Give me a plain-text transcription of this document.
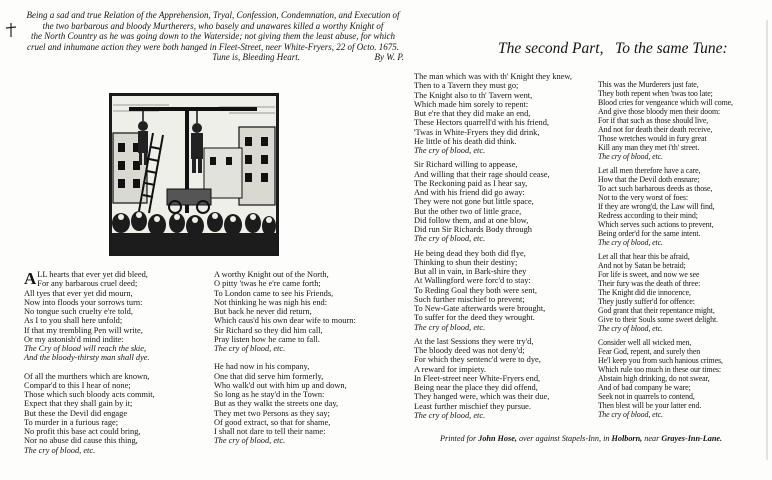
Being a sad and true Relation of the Apprehension, Tryal, Confession, Condemnation, and Execution of
the two barbarous and bloody Murtherers, who basely and unawares killed a worthy Knight of
the North Country as he was going down to the Waterside; not giving them the least abuse, for which
cruel and inhumane action they were both hanged in Fleet-Street, neer White-Fryers, 22 of Octo. 1675.
Tune is, Bleeding Heart.	By W. P.
The second Part, To the same Tune:
ALL hearts that ever yet did bleed,
For any barbarous cruel deed;
All tyes that ever yet did mourn,
Now into floods your sorrows turn:
No tongue such cruelty e're told,
As I to you shall here unfold;
If that my trembling Pen will write,
Or my astonish'd mind indite:
The Cry of blood will reach the skie,
And the bloody-thirsty man shall dye.
Of all the murthers which are known,
Compar'd to this I hear of none;
Those which such bloody acts commit,
Expect that they shall gain by it;
But these the Devil did engage
To murder in a furious rage;
No profit this base act could bring,
Nor no abuse did cause this thing,
The cry of blood, etc.
A worthy Knight out of the North,
O pitty 'twas he e're came forth;
To London came to see his Friends,
Not thinking he was nigh his end:
But back he never did return,
Which caus'd his own dear wife to mourn:
Sir Richard so they did him call,
Pray listen how he came to fall.
The cry of blood, etc.
He had now in his company,
One that did serve him formerly,
Who walk'd out with him up and down,
So long as he stay'd in the Town:
But as they walkt the streets one day,
They met two Persons as they say;
Of good extract, so that for shame,
I shall not dare to tell their name:
The cry of blood, etc.
The man which was with th' Knight they knew,
Then to a Tavern they must go;
The Knight also to th' Tavern went,
Which made him sorely to repent:
But e're that they did make an end,
These Hectors quarrell'd with his friend,
'Twas in White-Fryers they did drink,
He little of his death did think.
The cry of blood, etc.
Sir Richard willing to appease,
And willing that their rage should cease,
The Reckoning paid as I hear say,
And with his friend did go away:
They were not gone but little space,
But the other two of little grace,
Did follow them, and at one blow,
Did run Sir Richards Body through
The cry of blood, etc.
He being dead they both did flye,
Thinking to shun their destiny;
But all in vain, in Bark-shire they
At Wallingford were forc'd to stay:
To Reding Goal they both were sent,
Such further mischief to prevent;
To New-Gate afterwards were brought,
To suffer for the deed they wrought.
The cry of blood, etc.
At the last Sessions they were try'd,
The bloody deed was not deny'd;
For which they sentenc'd were to dye,
A reward for impiety.
In Fleet-street neer White-Fryers end,
Being near the place they did offend,
They hanged were, which was their due,
Least further mischief they pursue.
The cry of blood, etc.
This was the Murderers just fate,
They both repent when 'twas too late;
Blood cries for vengeance which will come,
And give those bloody men their doom:
For if that such as those should live,
And not for death their death receive,
Those wretches would in fury great
Kill any man they met i'th' street.
The cry of blood, etc.
Let all men therefore have a care,
How that the Devil doth ensnare;
To act such barbarous deeds as those,
Not to the very worst of foes:
If they are wrong'd, the Law will find,
Redress according to their mind;
Which serves such actions to prevent,
Being order'd for the same intent.
The cry of blood, etc.
Let all that hear this be afraid,
And not by Satan be betraid;
For life is sweet, and now we see
Their fury was the death of three:
The Knight did die innocence,
They justly suffer'd for offence:
God grant that their repentance might,
Give to their Souls some sweet delight.
The cry of blood, etc.
Consider well all wicked men,
Fear God, repent, and surely then
He'l keep you from such hanious crimes,
Which rule too much in these our times:
Abstain high drinking, do not swear,
And of bad company be ware;
Seek not in quarrels to contend,
Then blest will be your latter end.
The cry of blood, etc.
Printed for John Hose, over against Stapels-Inn, in Holborn, near Grayes-Inn-Lane.
